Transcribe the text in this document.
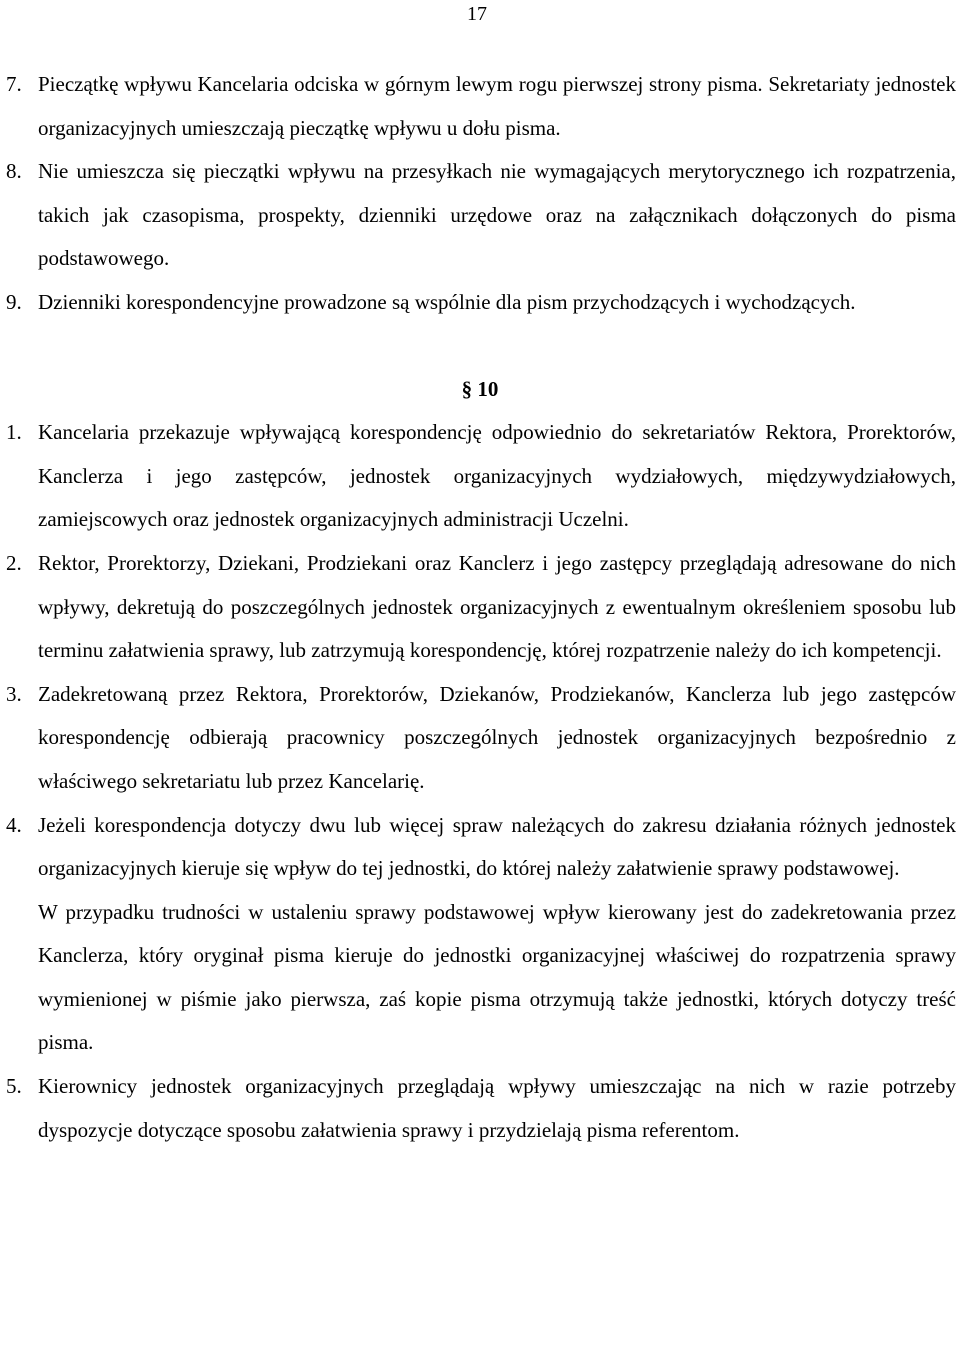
17
7. Pieczątkę wpływu Kancelaria odciska w górnym lewym rogu pierwszej strony pisma. Sekretariaty jednostek organizacyjnych umieszczają pieczątkę wpływu u dołu pisma.
8. Nie umieszcza się pieczątki wpływu na przesyłkach nie wymagających merytorycznego ich rozpatrzenia, takich jak czasopisma, prospekty, dzienniki urzędowe oraz na załącznikach dołączonych do pisma podstawowego.
9. Dzienniki korespondencyjne prowadzone są wspólnie dla pism przychodzących i wychodzących.
§ 10
1. Kancelaria przekazuje wpływającą korespondencję odpowiednio do sekretariatów Rektora, Prorektorów, Kanclerza i jego zastępców, jednostek organizacyjnych wydziałowych, międzywydziałowych, zamiejscowych oraz jednostek organizacyjnych administracji Uczelni.
2. Rektor, Prorektorzy, Dziekani, Prodziekani oraz Kanclerz i jego zastępcy przeglądają adresowane do nich wpływy, dekretują do poszczególnych jednostek organizacyjnych z ewentualnym określeniem sposobu lub terminu załatwienia sprawy, lub zatrzymują korespondencję, której rozpatrzenie należy do ich kompetencji.
3. Zadekretowaną przez Rektora, Prorektorów, Dziekanów, Prodziekanów, Kanclerza lub jego zastępców korespondencję odbierają pracownicy poszczególnych jednostek organizacyjnych bezpośrednio z właściwego sekretariatu lub przez Kancelarię.
4. Jeżeli korespondencja dotyczy dwu lub więcej spraw należących do zakresu działania różnych jednostek organizacyjnych kieruje się wpływ do tej jednostki, do której należy załatwienie sprawy podstawowej.
W przypadku trudności w ustaleniu sprawy podstawowej wpływ kierowany jest do zadekretowania przez Kanclerza, który oryginał pisma kieruje do jednostki organizacyjnej właściwej do rozpatrzenia sprawy wymienionej w piśmie jako pierwsza, zaś kopie pisma otrzymują także jednostki, których dotyczy treść pisma.
5. Kierownicy jednostek organizacyjnych przeglądają wpływy umieszczając na nich w razie potrzeby dyspozycje dotyczące sposobu załatwienia sprawy i przydzielają pisma referentom.
